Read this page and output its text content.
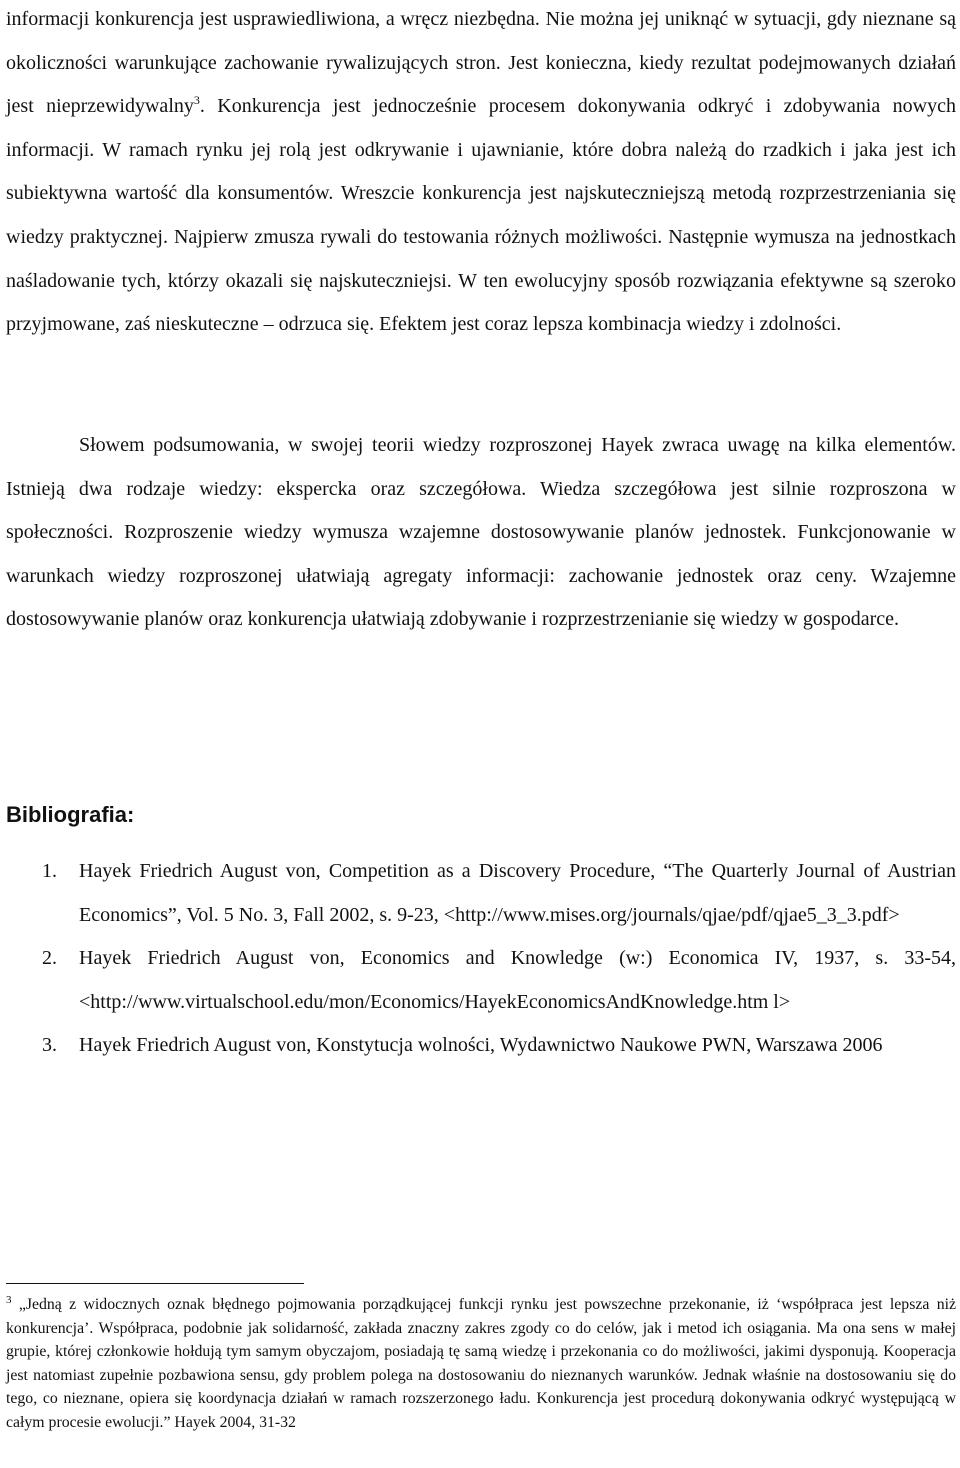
informacji konkurencja jest usprawiedliwiona, a wręcz niezbędna. Nie można jej uniknąć w sytuacji, gdy nieznane są okoliczności warunkujące zachowanie rywalizujących stron. Jest konieczna, kiedy rezultat podejmowanych działań jest nieprzewidywalny$^3$. Konkurencja jest jednocześnie procesem dokonywania odkryć i zdobywania nowych informacji. W ramach rynku jej rolą jest odkrywanie i ujawnianie, które dobra należą do rzadkich i jaka jest ich subiektywna wartość dla konsumentów. Wreszcie konkurencja jest najskuteczniejszą metodą rozprzestrzeniania się wiedzy praktycznej. Najpierw zmusza rywali do testowania różnych możliwości. Następnie wymusza na jednostkach naśladowanie tych, którzy okazali się najskuteczniejsi. W ten ewolucyjny sposób rozwiązania efektywne są szeroko przyjmowane, zaś nieskuteczne – odrzuca się. Efektem jest coraz lepsza kombinacja wiedzy i zdolności.

Słowem podsumowania, w swojej teorii wiedzy rozproszonej Hayek zwraca uwagę na kilka elementów. Istnieją dwa rodzaje wiedzy: ekspercka oraz szczegółowa. Wiedza szczegółowa jest silnie rozproszona w społeczności. Rozproszenie wiedzy wymusza wzajemne dostosowywanie planów jednostek. Funkcjonowanie w warunkach wiedzy rozproszonej ułatwiają agregaty informacji: zachowanie jednostek oraz ceny. Wzajemne dostosowywanie planów oraz konkurencja ułatwiają zdobywanie i rozprzestrzenianie się wiedzy w gospodarce.

Bibliografia:
1. Hayek Friedrich August von, Competition as a Discovery Procedure, “The Quarterly Journal of Austrian Economics”, Vol. 5 No. 3, Fall 2002, s. 9-23, <http://www.mises.org/journals/qjae/pdf/qjae5_3_3.pdf>
2. Hayek Friedrich August von, Economics and Knowledge (w:) Economica IV, 1937, s. 33-54, <http://www.virtualschool.edu/mon/Economics/HayekEconomicsAndKnowledge.htm l>
3. Hayek Friedrich August von, Konstytucja wolności, Wydawnictwo Naukowe PWN, Warszawa 2006

$^3$ „Jedną z widocznych oznak błędnego pojmowania porządkującej funkcji rynku jest powszechne przekonanie, iż ‘współpraca jest lepsza niż konkurencja’. Współpraca, podobnie jak solidarność, zakłada znaczny zakres zgody co do celów, jak i metod ich osiągania. Ma ona sens w małej grupie, której członkowie hołdują tym samym obyczajom, posiadają tę samą wiedzę i przekonania co do możliwości, jakimi dysponują. Kooperacja jest natomiast zupełnie pozbawiona sensu, gdy problem polega na dostosowaniu do nieznanych warunków. Jednak właśnie na dostosowaniu się do tego, co nieznane, opiera się koordynacja działań w ramach rozszerzonego ładu. Konkurencja jest procedurą dokonywania odkryć występującą w całym procesie ewolucji.” Hayek 2004, 31-32
